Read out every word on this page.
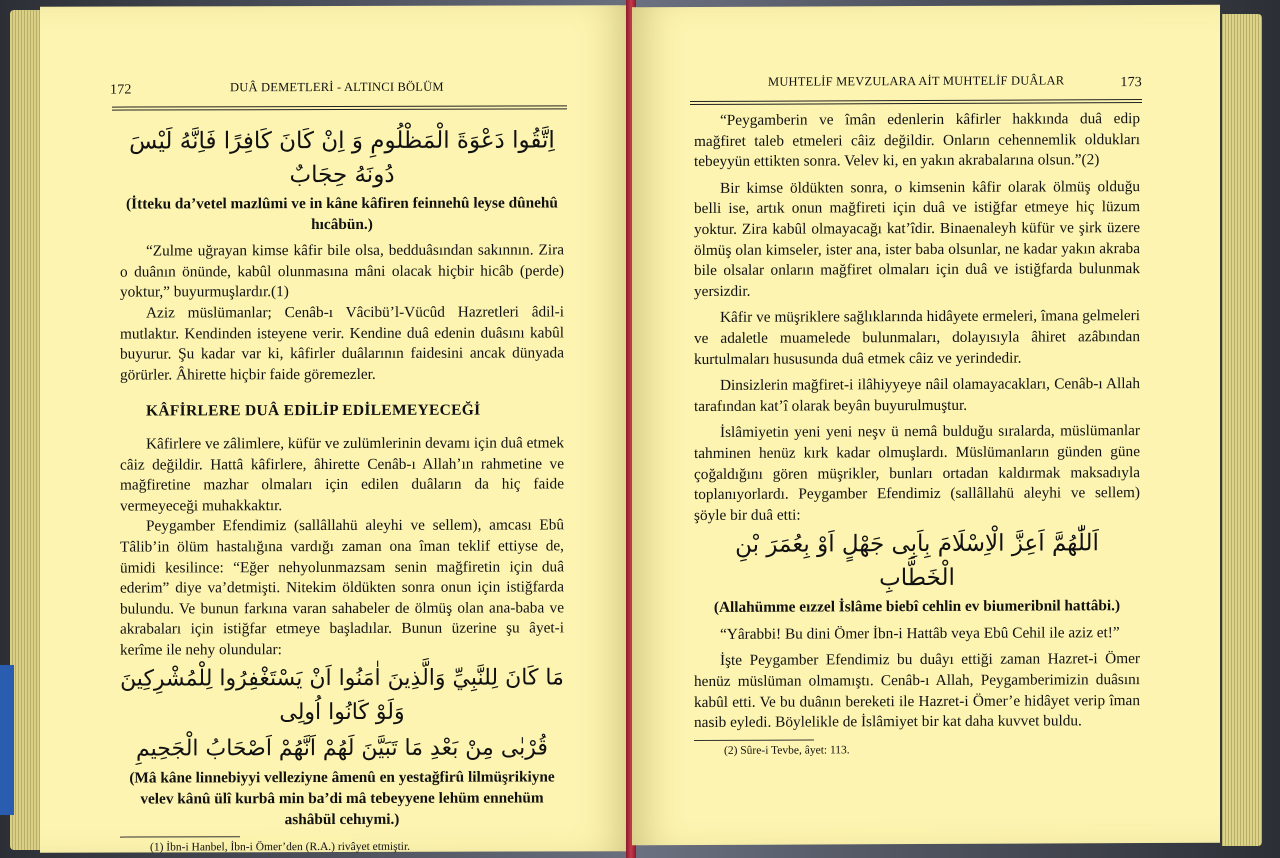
172	DUÂ DEMETLERİ - ALTINCI BÖLÜM

اِتَّقُوا دَعْوَةَ الْمَظْلُومِ وَ اِنْ كَانَ كَافِرًا فَاِنَّهُ لَيْسَ دُونَهُ حِجَابٌ

(İtteku da’vetel mazlûmi ve in kâne kâfiren feinnehû leyse dûnehû hıcâbün.)

“Zulme uğrayan kimse kâfir bile olsa, bedduâsından sakınnın. Zira o duânın önünde, kabûl olunmasına mâni olacak hiçbir hicâb (perde) yoktur,” buyurmuşlardır.(1)

Aziz müslümanlar; Cenâb-ı Vâcibü’l-Vücûd Hazretleri âdil-i mutlaktır. Kendinden isteyene verir. Kendine duâ edenin duâsını kabûl buyurur. Şu kadar var ki, kâfirler duâlarının faidesini ancak dünyada görürler. Âhirette hiçbir faide göremezler.

KÂFİRLERE DUÂ EDİLİP EDİLEMEYECEĞİ

Kâfirlere ve zâlimlere, küfür ve zulümlerinin devamı için duâ etmek câiz değildir. Hattâ kâfirlere, âhirette Cenâb-ı Allah’ın rahmetine ve mağfiretine mazhar olmaları için edilen duâların da hiç faide vermeyeceği muhakkaktır.

Peygamber Efendimiz (sallâllahü aleyhi ve sellem), amcası Ebû Tâlib’in ölüm hastalığına vardığı zaman ona îman teklif ettiyse de, ümidi kesilince: “Eğer nehyolunmazsam senin mağfiretin için duâ ederim” diye va’detmişti. Nitekim öldükten sonra onun için istiğfarda bulundu. Ve bunun farkına varan sahabeler de ölmüş olan ana-baba ve akrabaları için istiğfar etmeye başladılar. Bunun üzerine şu âyet-i kerîme ile nehy olundular:

مَا كَانَ لِلنَّبِيِّ وَالَّذِينَ اٰمَنُوا اَنْ يَسْتَغْفِرُوا لِلْمُشْرِكِينَ وَلَوْ كَانُوا اُولِى

قُرْبٰى مِنْ بَعْدِ مَا تَبَيَّنَ لَهُمْ اَنَّهُمْ اَصْحَابُ الْجَحِيمِ

(Mâ kâne linnebiyyi velleziyne âmenû en yestağfirû lilmüşrikiyne velev kânû ülî kurbâ min ba’di mâ tebeyyene lehüm ennehüm ashâbül cehıymi.)

(1) İbn-i Hanbel, İbn-i Ömer’den (R.A.) rivâyet etmiştir.

MUHTELİF MEVZULARA AİT MUHTELİF DUÂLAR	173

“Peygamberin ve îmân edenlerin kâfirler hakkında duâ edip mağfiret taleb etmeleri câiz değildir. Onların cehennemlik oldukları tebeyyün ettikten sonra. Velev ki, en yakın akrabalarına olsun.”(2)

Bir kimse öldükten sonra, o kimsenin kâfir olarak ölmüş olduğu belli ise, artık onun mağfireti için duâ ve istiğfar etmeye hiç lüzum yoktur. Zira kabûl olmayacağı kat’îdir. Binaenaleyh küfür ve şirk üzere ölmüş olan kimseler, ister ana, ister baba olsunlar, ne kadar yakın akraba bile olsalar onların mağfiret olmaları için duâ ve istiğfarda bulunmak yersizdir.

Kâfir ve müşriklere sağlıklarında hidâyete ermeleri, îmana gelmeleri ve adaletle muamelede bulunmaları, dolayısıyla âhiret azâbından kurtulmaları hususunda duâ etmek câiz ve yerindedir.

Dinsizlerin mağfiret-i ilâhiyyeye nâil olamayacakları, Cenâb-ı Allah tarafından kat’î olarak beyân buyurulmuştur.

İslâmiyetin yeni yeni neşv ü nemâ bulduğu sıralarda, müslümanlar tahminen henüz kırk kadar olmuşlardı. Müslümanların günden güne çoğaldığını gören müşrikler, bunları ortadan kaldırmak maksadıyla toplanıyorlardı. Peygamber Efendimiz (sallâllahü aleyhi ve sellem) şöyle bir duâ etti:

اَللّٰهُمَّ اَعِزَّ الْاِسْلَامَ بِاَبِى جَهْلٍ اَوْ بِعُمَرَ بْنِ الْخَطَّابِ

(Allahümme eızzel İslâme biebî cehlin ev biumeribnil hattâbi.)

“Yârabbi! Bu dini Ömer İbn-i Hattâb veya Ebû Cehil ile aziz et!”

İşte Peygamber Efendimiz bu duâyı ettiği zaman Hazret-i Ömer henüz müslüman olmamıştı. Cenâb-ı Allah, Peygamberimizin duâsını kabûl etti. Ve bu duânın bereketi ile Hazret-i Ömer’e hidâyet verip îman nasib eyledi. Böylelikle de İslâmiyet bir kat daha kuvvet buldu.

(2) Sûre-i Tevbe, âyet: 113.
